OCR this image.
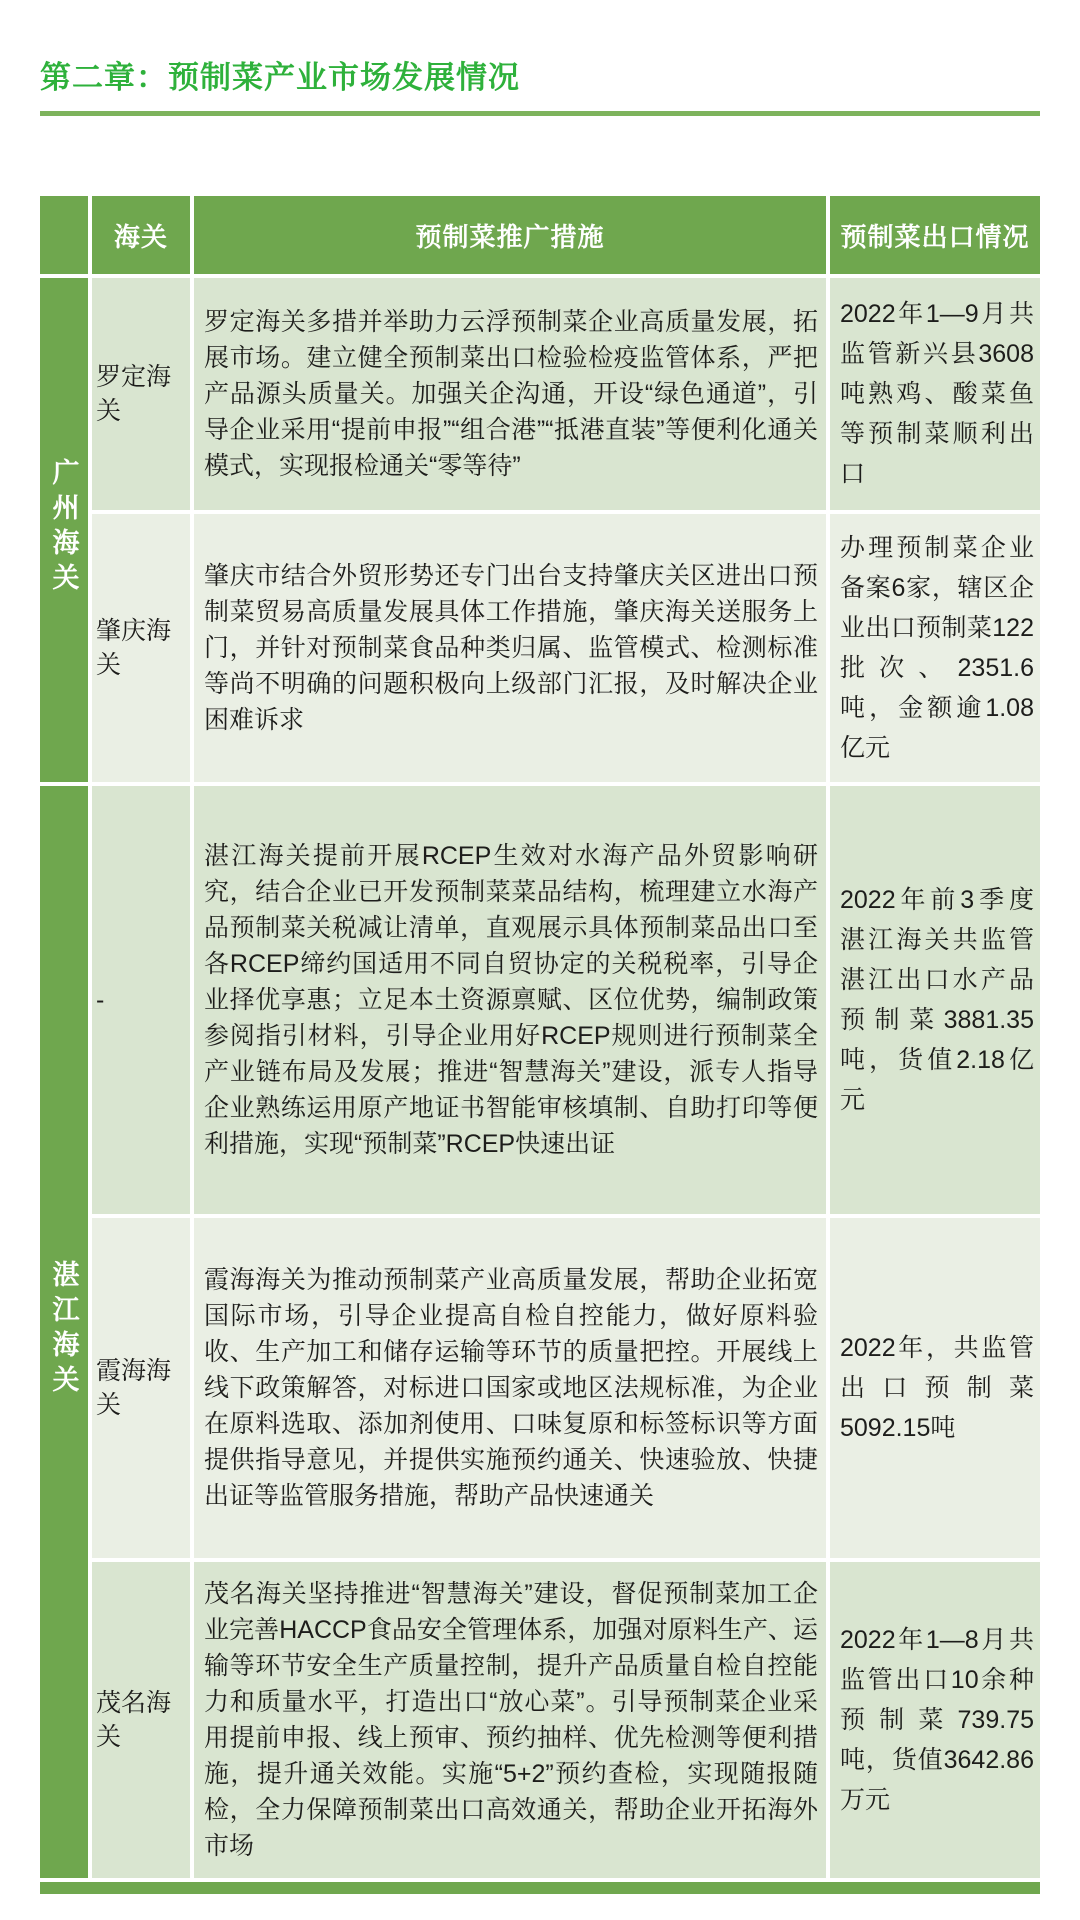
第二章：预制菜产业市场发展情况
	海关	预制菜推广措施	预制菜出口情况
广州海关	罗定海关	罗定海关多措并举助力云浮预制菜企业高质量发展，拓展市场。建立健全预制菜出口检验检疫监管体系，严把产品源头质量关。加强关企沟通，开设“绿色通道”，引导企业采用“提前申报”“组合港”“抵港直装”等便利化通关模式，实现报检通关“零等待”	2022年1—9月共监管新兴县3608吨熟鸡、酸菜鱼等预制菜顺利出口
	肇庆海关	肇庆市结合外贸形势还专门出台支持肇庆关区进出口预制菜贸易高质量发展具体工作措施，肇庆海关送服务上门，并针对预制菜食品种类归属、监管模式、检测标准等尚不明确的问题积极向上级部门汇报，及时解决企业困难诉求	办理预制菜企业备案6家，辖区企业出口预制菜122批次、2351.6吨，金额逾1.08亿元
湛江海关	-	湛江海关提前开展RCEP生效对水海产品外贸影响研究，结合企业已开发预制菜菜品结构，梳理建立水海产品预制菜关税减让清单，直观展示具体预制菜品出口至各RCEP缔约国适用不同自贸协定的关税税率，引导企业择优享惠；立足本土资源禀赋、区位优势，编制政策参阅指引材料，引导企业用好RCEP规则进行预制菜全产业链布局及发展；推进“智慧海关”建设，派专人指导企业熟练运用原产地证书智能审核填制、自助打印等便利措施，实现“预制菜”RCEP快速出证	2022年前3季度湛江海关共监管湛江出口水产品预制菜3881.35吨，货值2.18亿元
	霞海海关	霞海海关为推动预制菜产业高质量发展，帮助企业拓宽国际市场，引导企业提高自检自控能力，做好原料验收、生产加工和储存运输等环节的质量把控。开展线上线下政策解答，对标进口国家或地区法规标准，为企业在原料选取、添加剂使用、口味复原和标签标识等方面提供指导意见，并提供实施预约通关、快速验放、快捷出证等监管服务措施，帮助产品快速通关	2022年，共监管出口预制菜5092.15吨
	茂名海关	茂名海关坚持推进“智慧海关”建设，督促预制菜加工企业完善HACCP食品安全管理体系，加强对原料生产、运输等环节安全生产质量控制，提升产品质量自检自控能力和质量水平，打造出口“放心菜”。引导预制菜企业采用提前申报、线上预审、预约抽样、优先检测等便利措施，提升通关效能。实施“5+2”预约查检，实现随报随检，全力保障预制菜出口高效通关，帮助企业开拓海外市场	2022年1—8月共监管出口10余种预制菜739.75吨，货值3642.86万元
